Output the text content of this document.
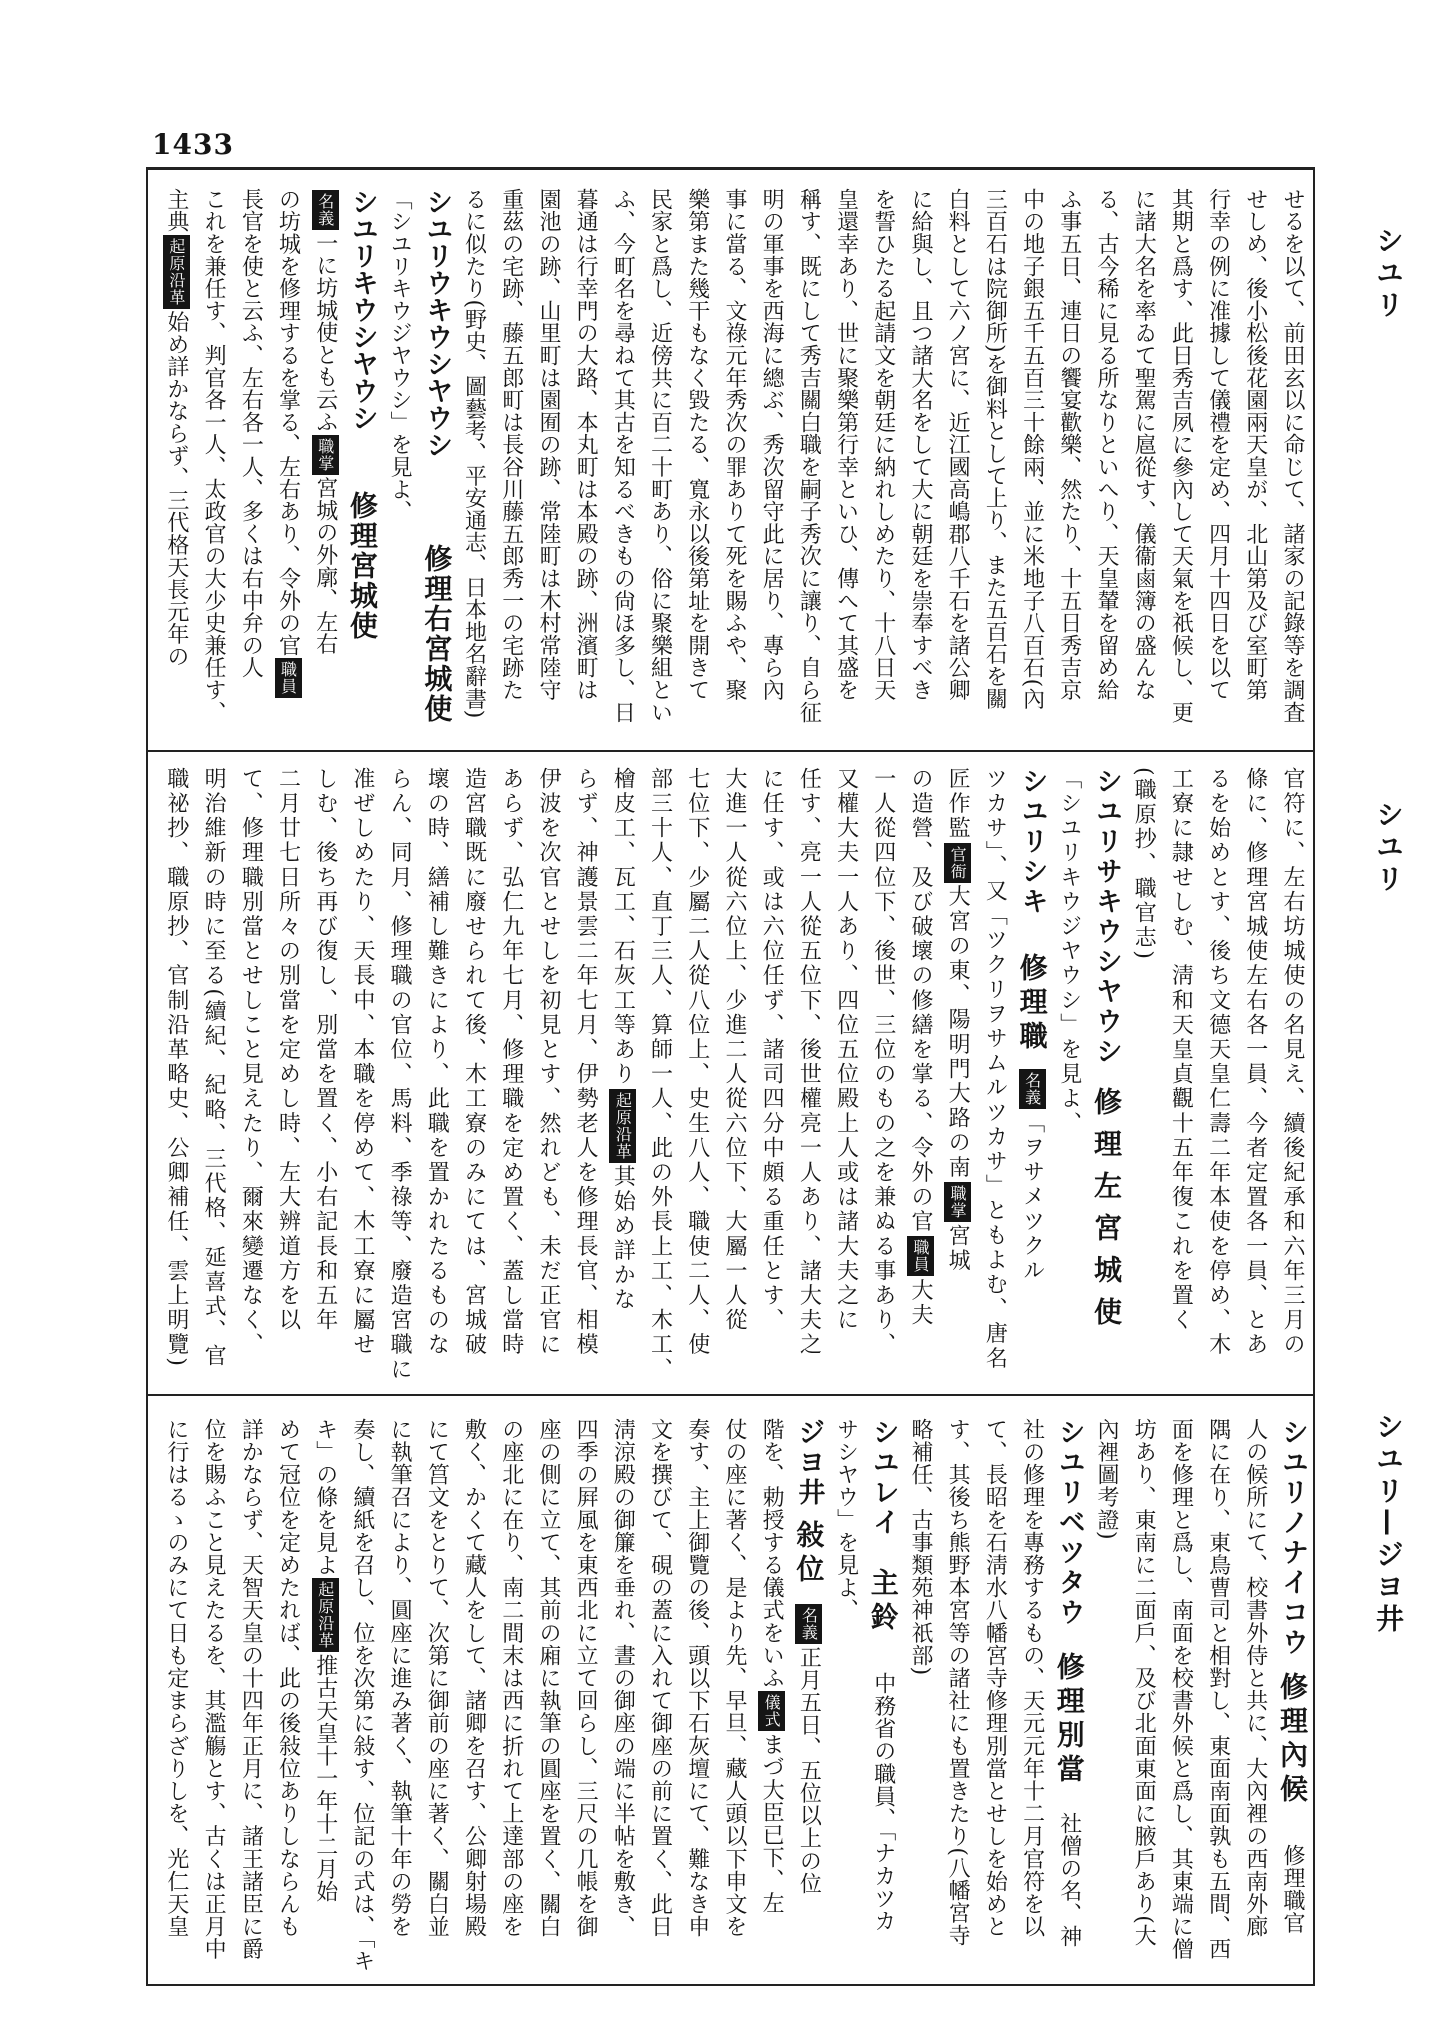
1433
シユリ
シユリ
シユリ—ジヨ井
せるを以て、前田玄以に命じて、諸家の記錄等を調査
せしめ、後小松後花園兩天皇が、北山第及び室町第
行幸の例に准據して儀禮を定め、四月十四日を以て
其期と爲す、此日秀吉夙に參內して天氣を祇候し、更
に諸大名を率ゐて聖駕に扈從す、儀衞鹵簿の盛んな
る、古今稀に見る所なりといへり、天皇輦を留め給
ふ事五日、連日の饗宴歡樂、然たり、十五日秀吉京
中の地子銀五千五百三十餘兩、並に米地子八百石(內
三百石は院御所)を御料として上り、また五百石を關
白料として六ノ宮に、近江國高嶋郡八千石を諸公卿
に給與し、且つ諸大名をして大に朝廷を崇奉すべき
を誓ひたる起請文を朝廷に納れしめたり、十八日天
皇還幸あり、世に聚樂第行幸といひ、傳へて其盛を
稱す、既にして秀吉關白職を嗣子秀次に讓り、自ら征
明の軍事を西海に總ぶ、秀次留守此に居り、專ら內
事に當る、文祿元年秀次の罪ありて死を賜ふや、聚
樂第また幾干もなく毀たる、寬永以後第址を開きて
民家と爲し、近傍共に百二十町あり、俗に聚樂組とい
ふ、今町名を尋ねて其古を知るべきもの尙ほ多し、日
暮通は行幸門の大路、本丸町は本殿の跡、洲濱町は
園池の跡、山里町は園囿の跡、常陸町は木村常陸守
重茲の宅跡、藤五郎町は長谷川藤五郎秀一の宅跡た
るに似たり(野史、圖藝考、平安通志、日本地名辭書)
シユリウキウシヤウシ修理右宮城使
「シユリキウジヤウシ」を見よ、
シユリキウシヤウシ修理宮城使
名義一に坊城使とも云ふ職掌宮城の外廓、左右
の坊城を修理するを掌る、左右あり、令外の官職員
長官を使と云ふ、左右各一人、多くは右中弁の人
これを兼任す、判官各一人、太政官の大少史兼任す、
主典起原沿革始め詳かならず、三代格天長元年の
官符に、左右坊城使の名見え、續後紀承和六年三月の
條に、修理宮城使左右各一員、今者定置各一員、とあ
るを始めとす、後ち文德天皇仁壽二年本使を停め、木
工寮に隷せしむ、淸和天皇貞觀十五年復これを置く
(職原抄、職官志)
シユリサキウシヤウシ修理左宮城使
「シユリキウジヤウシ」を見よ、
シユリシキ修理職名義「ヲサメツクル
ツカサ」、又「ツクリヲサムルツカサ」ともよむ、唐名
匠作監官衙大宮の東、陽明門大路の南職掌宮城
の造營、及び破壞の修繕を掌る、令外の官職員大夫
一人從四位下、後世、三位のもの之を兼ぬる事あり、
又權大夫一人あり、四位五位殿上人或は諸大夫之に
任す、亮一人從五位下、後世權亮一人あり、諸大夫之
に任す、或は六位任ず、諸司四分中頗る重任とす、
大進一人從六位上、少進二人從六位下、大屬一人從
七位下、少屬二人從八位上、史生八人、職使二人、使
部三十人、直丁三人、算師一人、此の外長上工、木工、
檜皮工、瓦工、石灰工等あり起原沿革其始め詳かな
らず、神護景雲二年七月、伊勢老人を修理長官、相模
伊波を次官とせしを初見とす、然れども、未だ正官に
あらず、弘仁九年七月、修理職を定め置く、蓋し當時
造宮職既に廢せられて後、木工寮のみにては、宮城破
壞の時、繕補し難きにより、此職を置かれたるものな
らん、同月、修理職の官位、馬料、季祿等、廢造宮職に
准ぜしめたり、天長中、本職を停めて、木工寮に屬せ
しむ、後ち再び復し、別當を置く、小右記長和五年
二月廿七日所々の別當を定めし時、左大辨道方を以
て、修理職別當とせしこと見えたり、爾來變遷なく、
明治維新の時に至る(續紀、紀略、三代格、延喜式、官
職祕抄、職原抄、官制沿革略史、公卿補任、雲上明覽)
シユリノナイコウ修理內候修理職官
人の候所にて、校書外侍と共に、大內裡の西南外廊
隅に在り、東鳥曹司と相對し、東面南面孰も五間、西
面を修理と爲し、南面を校書外候と爲し、其東端に僧
坊あり、東南に二面戶、及び北面東面に腋戶あり(大
內裡圖考證)
シユリベツタウ修理別當社僧の名、神
社の修理を專務するもの、天元元年十二月官符を以
て、長昭を石淸水八幡宮寺修理別當とせしを始めと
す、其後ち熊野本宮等の諸社にも置きたり(八幡宮寺
略補任、古事類苑神祇部)
シユレイ主鈴中務省の職員、「ナカツカ
サシヤウ」を見よ、
ジヨ井敍位名義正月五日、五位以上の位
階を、勅授する儀式をいふ儀式まづ大臣已下、左
仗の座に著く、是より先、早旦、藏人頭以下申文を
奏す、主上御覽の後、頭以下石灰壇にて、難なき申
文を撰びて、硯の蓋に入れて御座の前に置く、此日
淸涼殿の御簾を垂れ、晝の御座の端に半帖を敷き、
四季の屛風を東西北に立て回らし、三尺の几帳を御
座の側に立て、其前の廂に執筆の圓座を置く、關白
の座北に在り、南二間末は西に折れて上達部の座を
敷く、かくて藏人をして、諸卿を召す、公卿射場殿
にて筥文をとりて、次第に御前の座に著く、關白並
に執筆召により、圓座に進み著く、執筆十年の勞を
奏し、續紙を召し、位を次第に敍す、位記の式は、「キ
キ」の條を見よ起原沿革推古天皇十一年十二月始
めて冠位を定めたれば、此の後敍位ありしならんも
詳かならず、天智天皇の十四年正月に、諸王諸臣に爵
位を賜ふこと見えたるを、其濫觴とす、古くは正月中
に行はるゝのみにて日も定まらざりしを、光仁天皇
